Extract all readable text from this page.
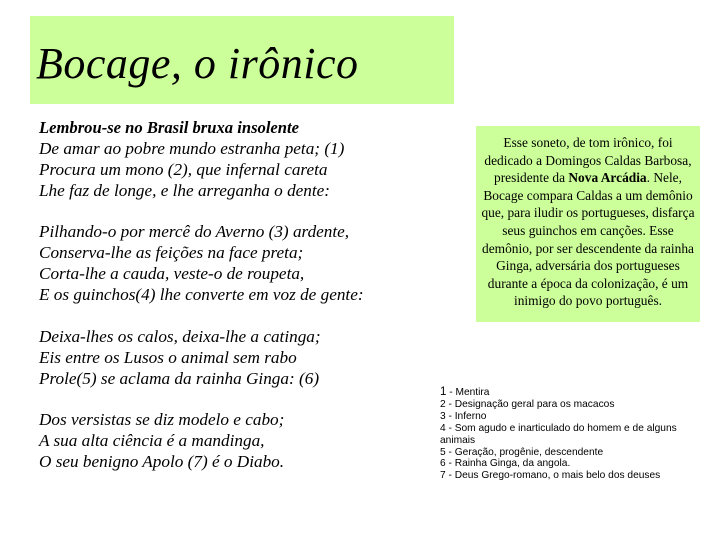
Bocage, o irônico
Lembrou-se no Brasil bruxa insolente
De amar ao pobre mundo estranha peta; (1)
Procura um mono (2), que infernal careta
Lhe faz de longe, e lhe arreganha o dente:
Pilhando-o por mercê do Averno (3) ardente,
Conserva-lhe as feições na face preta;
Corta-lhe a cauda, veste-o de roupeta,
E os guinchos(4) lhe converte em voz de gente:
Deixa-lhes os calos, deixa-lhe a catinga;
Eis entre os Lusos o animal sem rabo
Prole(5) se aclama da rainha Ginga: (6)
Dos versistas se diz modelo e cabo;
A sua alta ciência é a mandinga,
O seu benigno Apolo (7) é o Diabo.
Esse soneto, de tom irônico, foi dedicado a Domingos Caldas Barbosa, presidente da Nova Arcádia. Nele, Bocage compara Caldas a um demônio que, para iludir os portugueses, disfarça seus guinchos em canções. Esse demônio, por ser descendente da rainha Ginga, adversária dos portugueses durante a época da colonização, é um inimigo do povo português.
1 - Mentira
2 - Designação geral para os macacos
3 - Inferno
4 - Som agudo e inarticulado do homem e de alguns
animais
5 - Geração, progênie, descendente
6 - Rainha Ginga, da angola.
7 - Deus Grego-romano, o mais belo dos deuses
